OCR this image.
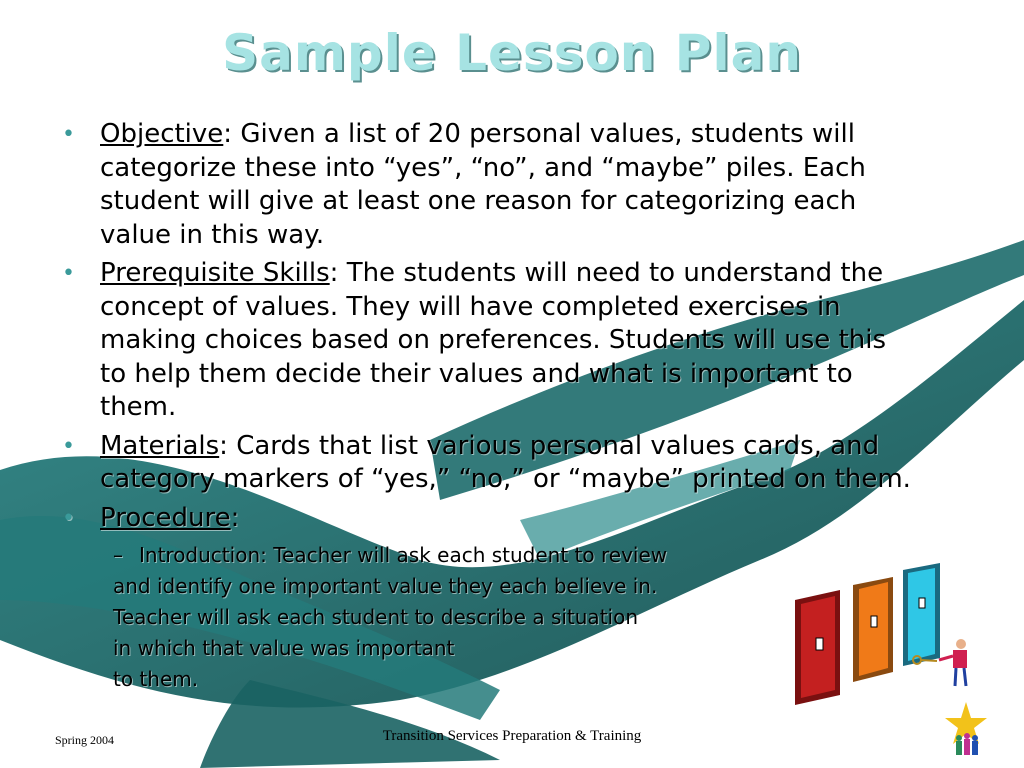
Sample Lesson Plan
• Objective: Given a list of 20 personal values, students will categorize these into “yes”, “no”, and “maybe” piles. Each student will give at least one reason for categorizing each value in this way.
• Prerequisite Skills: The students will need to understand the concept of values. They will have completed exercises in making choices based on preferences. Students will use this to help them decide their values and what is important to them.
• Materials: Cards that list various personal values cards, and category markers of “yes,” “no,” or “maybe” printed on them.
• Procedure:
– Introduction: Teacher will ask each student to review
and identify one important value they each believe in.
Teacher will ask each student to describe a situation
in which that value was important
to them.
Spring 2004	Transition Services Preparation & Training
